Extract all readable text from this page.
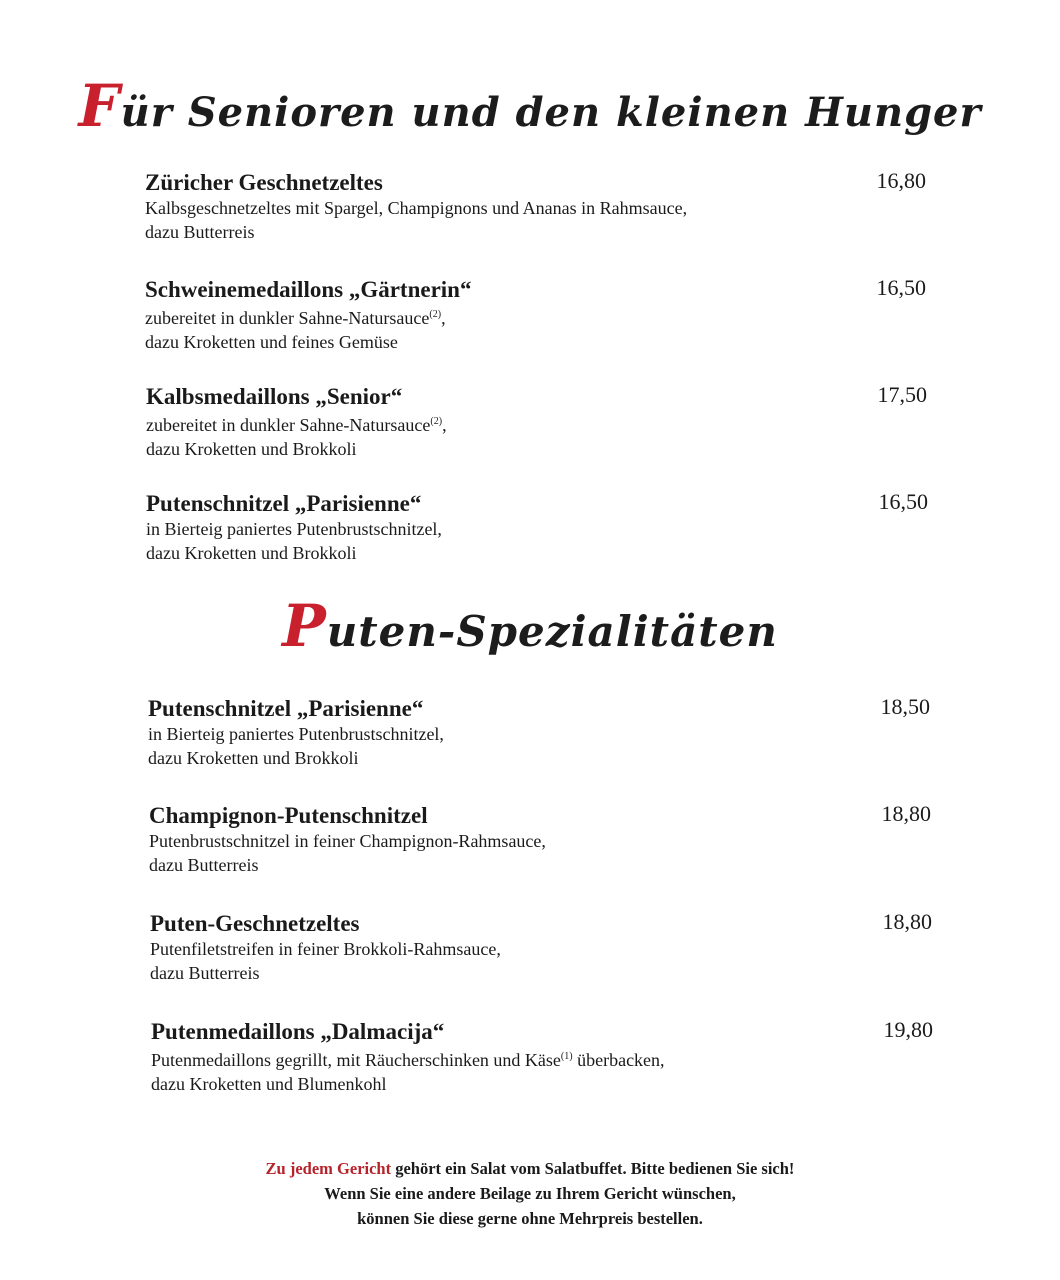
Für Senioren und den kleinen Hunger
Züricher Geschnetzeltes
Kalbsgeschnetzeltes mit Spargel, Champignons und Ananas in Rahmsauce,
dazu Butterreis
16,80
Schweinemedaillons „Gärtnerin“
zubereitet in dunkler Sahne-Natursauce$^{(2)}$,
dazu Kroketten und feines Gemüse
16,50
Kalbsmedaillons „Senior“
zubereitet in dunkler Sahne-Natursauce$^{(2)}$,
dazu Kroketten und Brokkoli
17,50
Putenschnitzel „Parisienne“
in Bierteig paniertes Putenbrustschnitzel,
dazu Kroketten und Brokkoli
16,50
Puten-Spezialitäten
Putenschnitzel „Parisienne“
in Bierteig paniertes Putenbrustschnitzel,
dazu Kroketten und Brokkoli
18,50
Champignon-Putenschnitzel
Putenbrustschnitzel in feiner Champignon-Rahmsauce,
dazu Butterreis
18,80
Puten-Geschnetzeltes
Putenfiletstreifen in feiner Brokkoli-Rahmsauce,
dazu Butterreis
18,80
Putenmedaillons „Dalmacija“
Putenmedaillons gegrillt, mit Räucherschinken und Käse$^{(1)}$ überbacken,
dazu Kroketten und Blumenkohl
19,80
Zu jedem Gericht gehört ein Salat vom Salatbuffet. Bitte bedienen Sie sich!
Wenn Sie eine andere Beilage zu Ihrem Gericht wünschen,
können Sie diese gerne ohne Mehrpreis bestellen.
